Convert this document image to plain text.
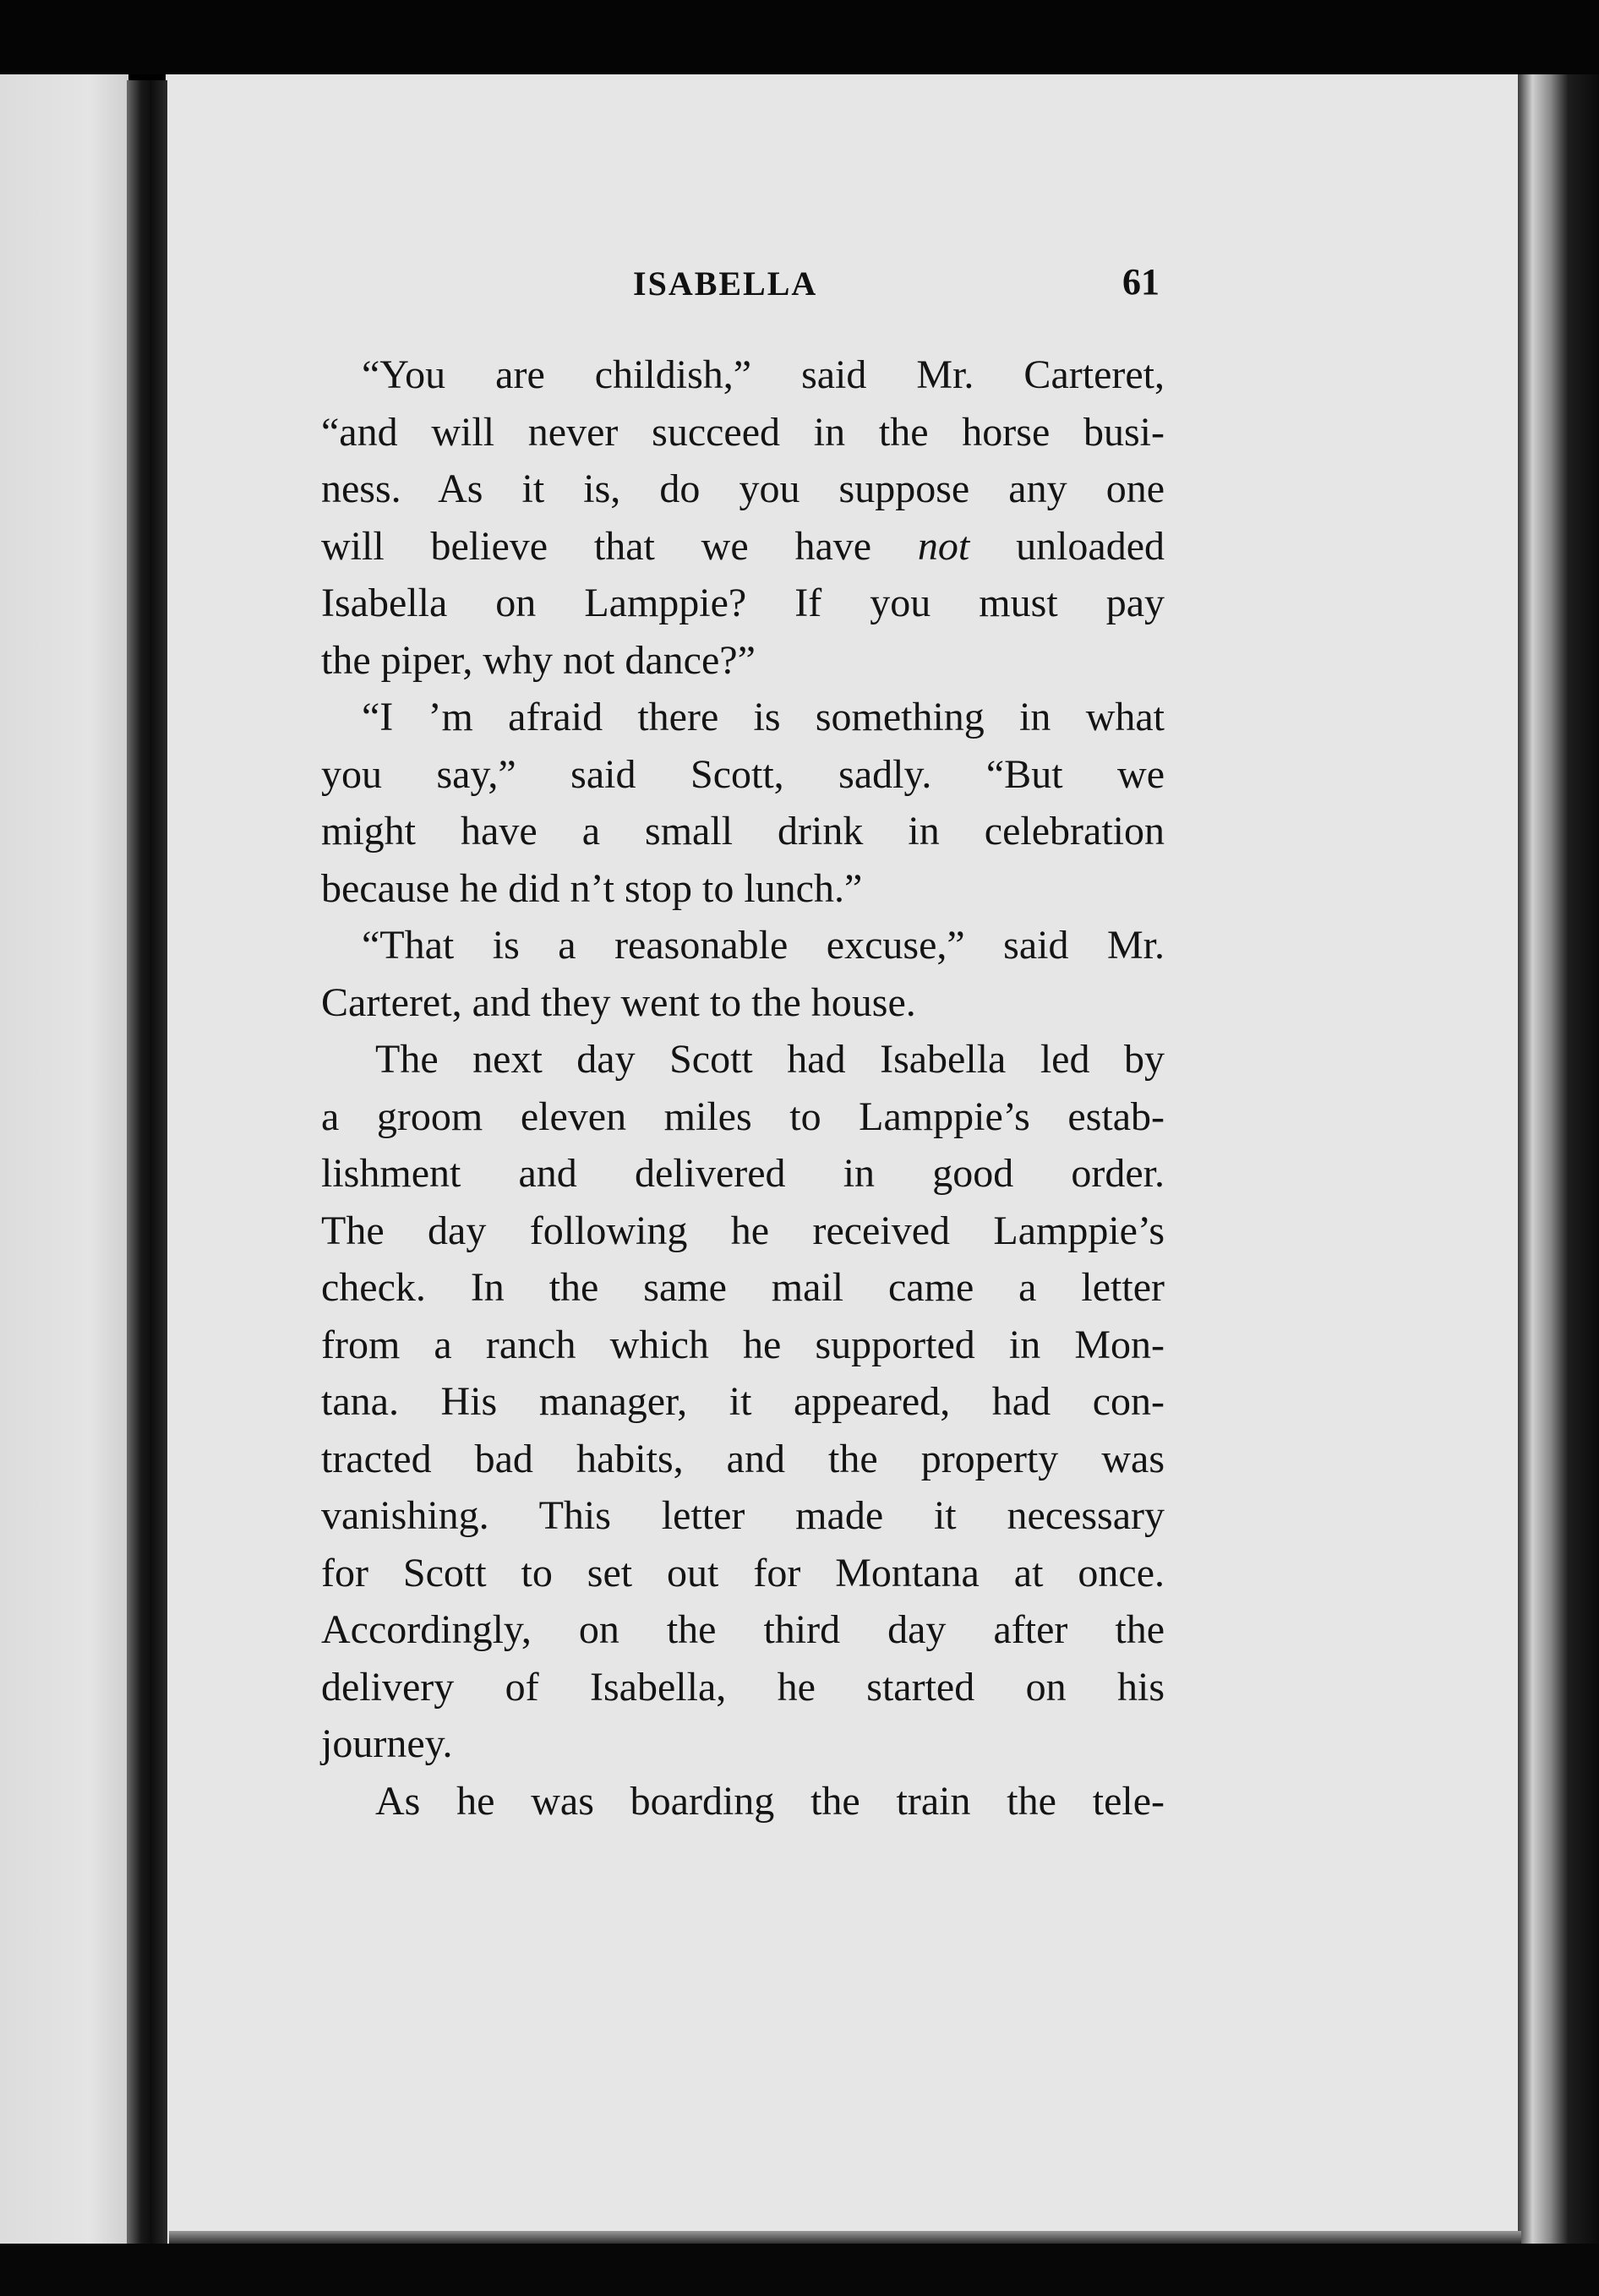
ISABELLA	61
“You are childish,” said Mr. Carteret,
“and will never succeed in the horse busi-
ness. As it is, do you suppose any one
will believe that we have not unloaded
Isabella on Lamppie? If you must pay
the piper, why not dance?”
“I ’m afraid there is something in what
you say,” said Scott, sadly. “But we
might have a small drink in celebration
because he did n’t stop to lunch.”
“That is a reasonable excuse,” said Mr.
Carteret, and they went to the house.
The next day Scott had Isabella led by
a groom eleven miles to Lamppie’s estab-
lishment and delivered in good order.
The day following he received Lamppie’s
check. In the same mail came a letter
from a ranch which he supported in Mon-
tana. His manager, it appeared, had con-
tracted bad habits, and the property was
vanishing. This letter made it necessary
for Scott to set out for Montana at once.
Accordingly, on the third day after the
delivery of Isabella, he started on his
journey.
As he was boarding the train the tele-
